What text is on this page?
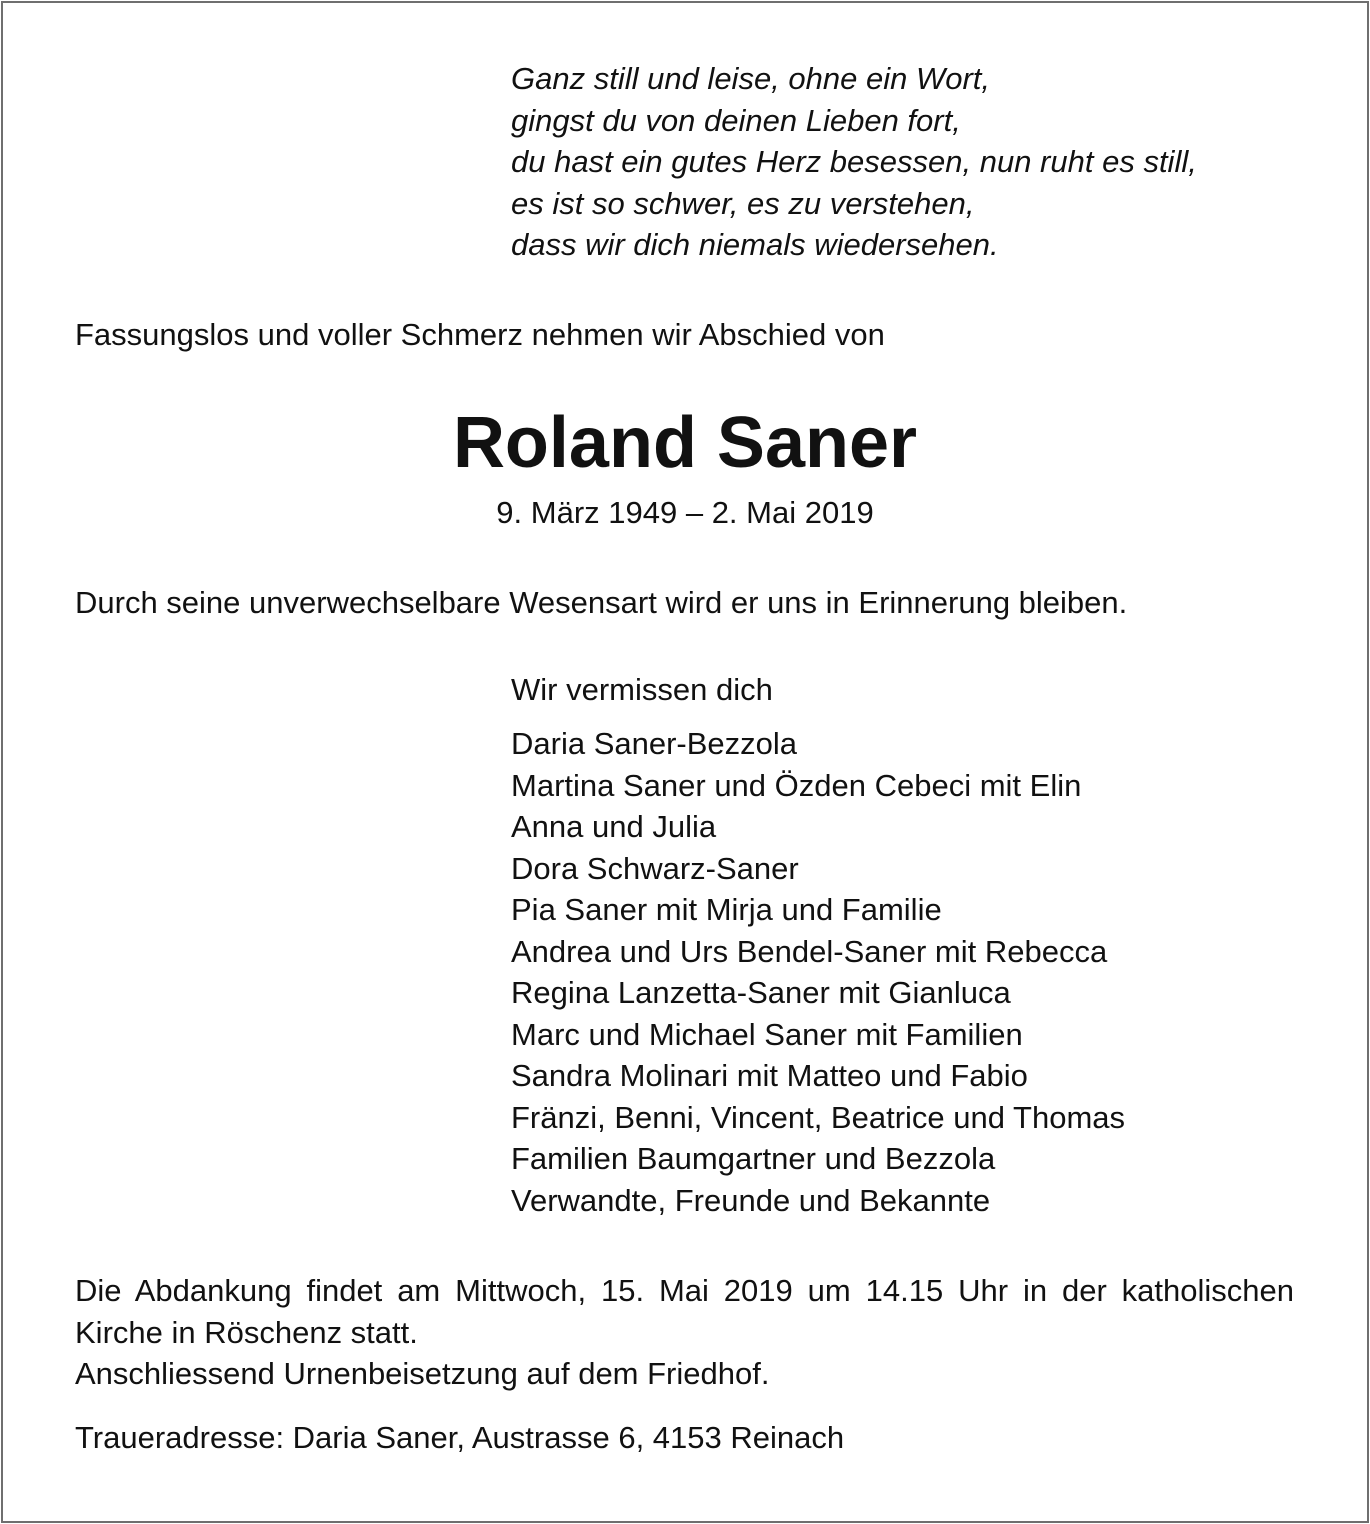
Ganz still und leise, ohne ein Wort,
gingst du von deinen Lieben fort,
du hast ein gutes Herz besessen, nun ruht es still,
es ist so schwer, es zu verstehen,
dass wir dich niemals wiedersehen.
Fassungslos und voller Schmerz nehmen wir Abschied von
Roland Saner
9. März 1949 – 2. Mai 2019
Durch seine unverwechselbare Wesensart wird er uns in Erinnerung bleiben.
Wir vermissen dich
Daria Saner-Bezzola
Martina Saner und Özden Cebeci mit Elin
Anna und Julia
Dora Schwarz-Saner
Pia Saner mit Mirja und Familie
Andrea und Urs Bendel-Saner mit Rebecca
Regina Lanzetta-Saner mit Gianluca
Marc und Michael Saner mit Familien
Sandra Molinari mit Matteo und Fabio
Fränzi, Benni, Vincent, Beatrice und Thomas
Familien Baumgartner und Bezzola
Verwandte, Freunde und Bekannte
Die Abdankung findet am Mittwoch, 15. Mai 2019 um 14.15 Uhr in der katholischen Kirche in Röschenz statt.
Anschliessend Urnenbeisetzung auf dem Friedhof.
Traueradresse: Daria Saner, Austrasse 6, 4153 Reinach
